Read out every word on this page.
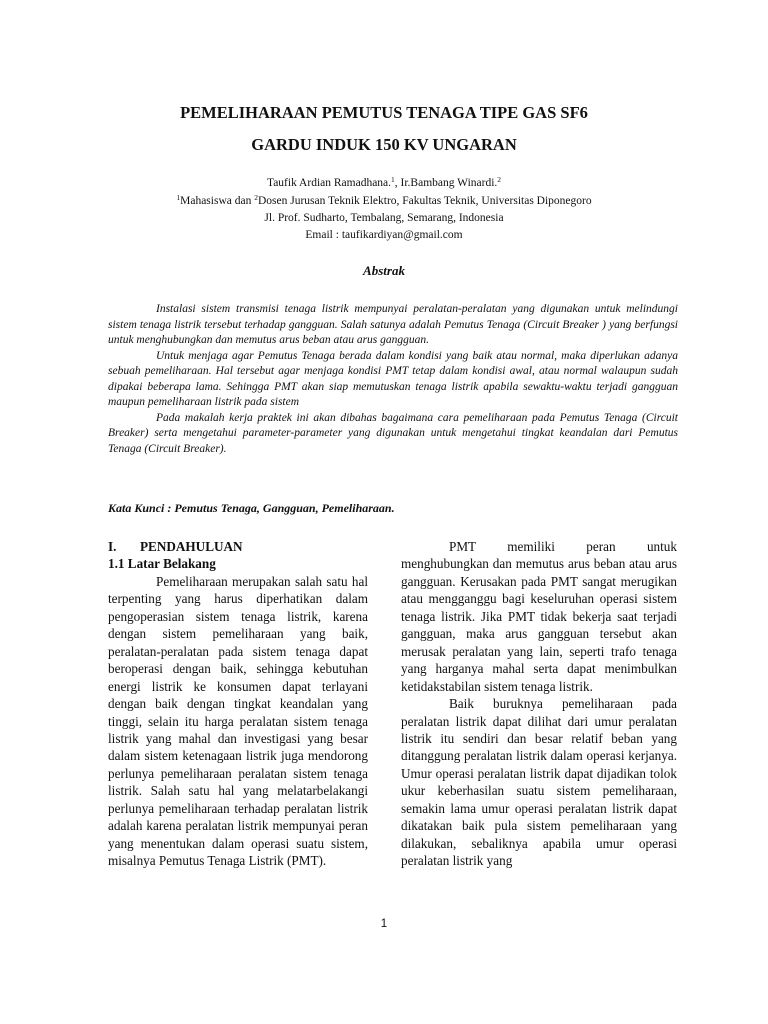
PEMELIHARAAN PEMUTUS TENAGA TIPE GAS SF6
GARDU INDUK 150 KV UNGARAN

Taufik Ardian Ramadhana.$^1$, Ir.Bambang Winardi.$^2$

$^1$Mahasiswa dan $^2$Dosen Jurusan Teknik Elektro, Fakultas Teknik, Universitas Diponegoro

Jl. Prof. Sudharto, Tembalang, Semarang, Indonesia

Email : taufikardiyan@gmail.com

Abstrak

Instalasi sistem transmisi tenaga listrik mempunyai peralatan-peralatan yang digunakan untuk melindungi sistem tenaga listrik tersebut terhadap gangguan. Salah satunya adalah Pemutus Tenaga (Circuit Breaker ) yang berfungsi untuk menghubungkan dan memutus arus beban atau arus gangguan.

Untuk menjaga agar Pemutus Tenaga berada dalam kondisi yang baik atau normal, maka diperlukan adanya sebuah pemeliharaan. Hal tersebut agar menjaga kondisi PMT tetap dalam kondisi awal, atau normal walaupun sudah dipakai beberapa lama. Sehingga PMT akan siap memutuskan tenaga listrik apabila sewaktu-waktu terjadi gangguan maupun pemeliharaan listrik pada sistem

Pada makalah kerja praktek ini akan dibahas bagaimana cara pemeliharaan pada Pemutus Tenaga (Circuit Breaker) serta mengetahui parameter-parameter yang digunakan untuk mengetahui tingkat keandalan dari Pemutus Tenaga (Circuit Breaker).

Kata Kunci : Pemutus Tenaga, Gangguan, Pemeliharaan.

I. PENDAHULUAN
1.1 Latar Belakang

Pemeliharaan merupakan salah satu hal terpenting yang harus diperhatikan dalam pengoperasian sistem tenaga listrik, karena dengan sistem pemeliharaan yang baik, peralatan-peralatan pada sistem tenaga dapat beroperasi dengan baik, sehingga kebutuhan energi listrik ke konsumen dapat terlayani dengan baik dengan tingkat keandalan yang tinggi, selain itu harga peralatan sistem tenaga listrik yang mahal dan investigasi yang besar dalam sistem ketenagaan listrik juga mendorong perlunya pemeliharaan peralatan sistem tenaga listrik. Salah satu hal yang melatarbelakangi perlunya pemeliharaan terhadap peralatan listrik adalah karena peralatan listrik mempunyai peran yang menentukan dalam operasi suatu sistem, misalnya Pemutus Tenaga Listrik (PMT).

PMT memiliki peran untuk menghubungkan dan memutus arus beban atau arus gangguan. Kerusakan pada PMT sangat merugikan atau mengganggu bagi keseluruhan operasi sistem tenaga listrik. Jika PMT tidak bekerja saat terjadi gangguan, maka arus gangguan tersebut akan merusak peralatan yang lain, seperti trafo tenaga yang harganya mahal serta dapat menimbulkan ketidakstabilan sistem tenaga listrik.

Baik buruknya pemeliharaan pada peralatan listrik dapat dilihat dari umur peralatan listrik itu sendiri dan besar relatif beban yang ditanggung peralatan listrik dalam operasi kerjanya. Umur operasi peralatan listrik dapat dijadikan tolok ukur keberhasilan suatu sistem pemeliharaan, semakin lama umur operasi peralatan listrik dapat dikatakan baik pula sistem pemeliharaan yang dilakukan, sebaliknya apabila umur operasi peralatan listrik yang

1
